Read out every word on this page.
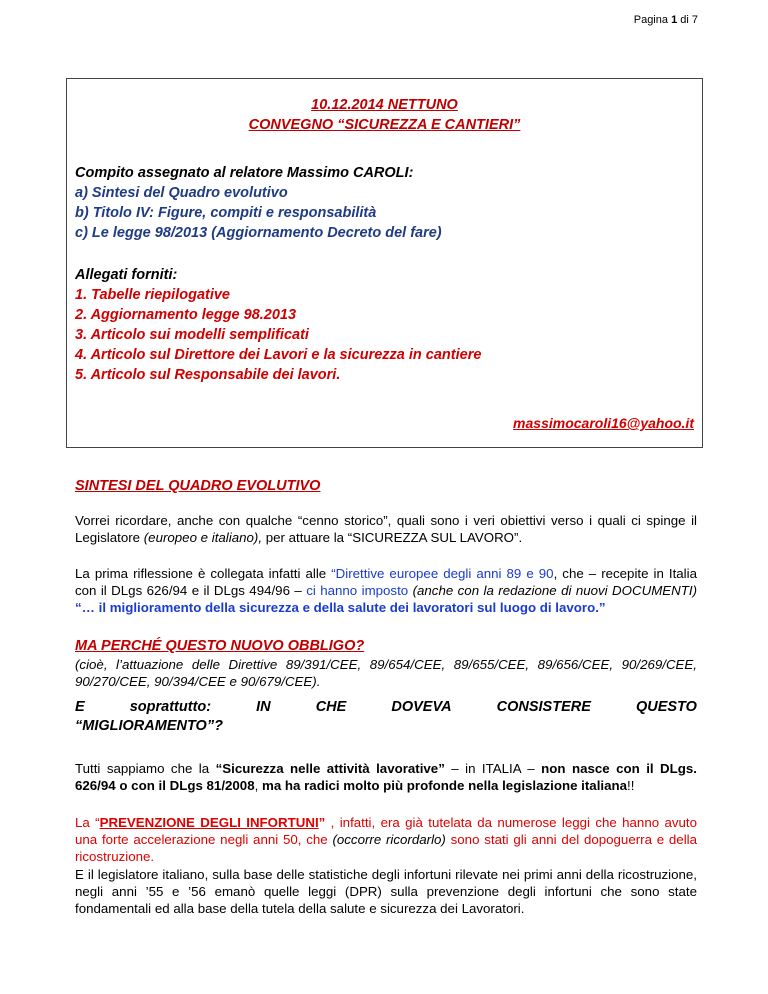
Pagina 1 di 7
10.12.2014 NETTUNO
CONVEGNO “SICUREZZA E CANTIERI”
Compito assegnato al relatore Massimo CAROLI:
a) Sintesi del Quadro evolutivo
b) Titolo IV: Figure, compiti e responsabilità
c) Le legge 98/2013 (Aggiornamento Decreto del fare)
Allegati forniti:
1. Tabelle riepilogative
2. Aggiornamento legge 98.2013
3. Articolo sui modelli semplificati
4. Articolo sul Direttore dei Lavori e la sicurezza in cantiere
5. Articolo sul Responsabile dei lavori.
massimocaroli16@yahoo.it
SINTESI DEL QUADRO EVOLUTIVO
Vorrei ricordare, anche con qualche “cenno storico”, quali sono i veri obiettivi verso i quali ci spinge il Legislatore (europeo e italiano), per attuare la “SICUREZZA SUL LAVORO”.
La prima riflessione è collegata infatti alle “Direttive europee degli anni 89 e 90, che – recepite in Italia con il DLgs 626/94 e il DLgs 494/96 – ci hanno imposto (anche con la redazione di nuovi DOCUMENTI) “… il miglioramento della sicurezza e della salute dei lavoratori sul luogo di lavoro.”
MA PERCHÉ QUESTO NUOVO OBBLIGO?
(cioè, l’attuazione delle Direttive 89/391/CEE, 89/654/CEE, 89/655/CEE, 89/656/CEE, 90/269/CEE, 90/270/CEE, 90/394/CEE e 90/679/CEE).
E	soprattutto:	IN	CHE	DOVEVA	CONSISTERE	QUESTO
“MIGLIORAMENTO”?
Tutti sappiamo che la “Sicurezza nelle attività lavorative” – in ITALIA – non nasce con il DLgs. 626/94 o con il DLgs 81/2008, ma ha radici molto più profonde nella legislazione italiana!!
La “PREVENZIONE DEGLI INFORTUNI” , infatti, era già tutelata da numerose leggi che hanno avuto una forte accelerazione negli anni 50, che (occorre ricordarlo) sono stati gli anni del dopoguerra e della ricostruzione.
E il legislatore italiano, sulla base delle statistiche degli infortuni rilevate nei primi anni della ricostruzione, negli anni ’55 e ’56 emanò quelle leggi (DPR) sulla prevenzione degli infortuni che sono state fondamentali ed alla base della tutela della salute e sicurezza dei Lavoratori.
